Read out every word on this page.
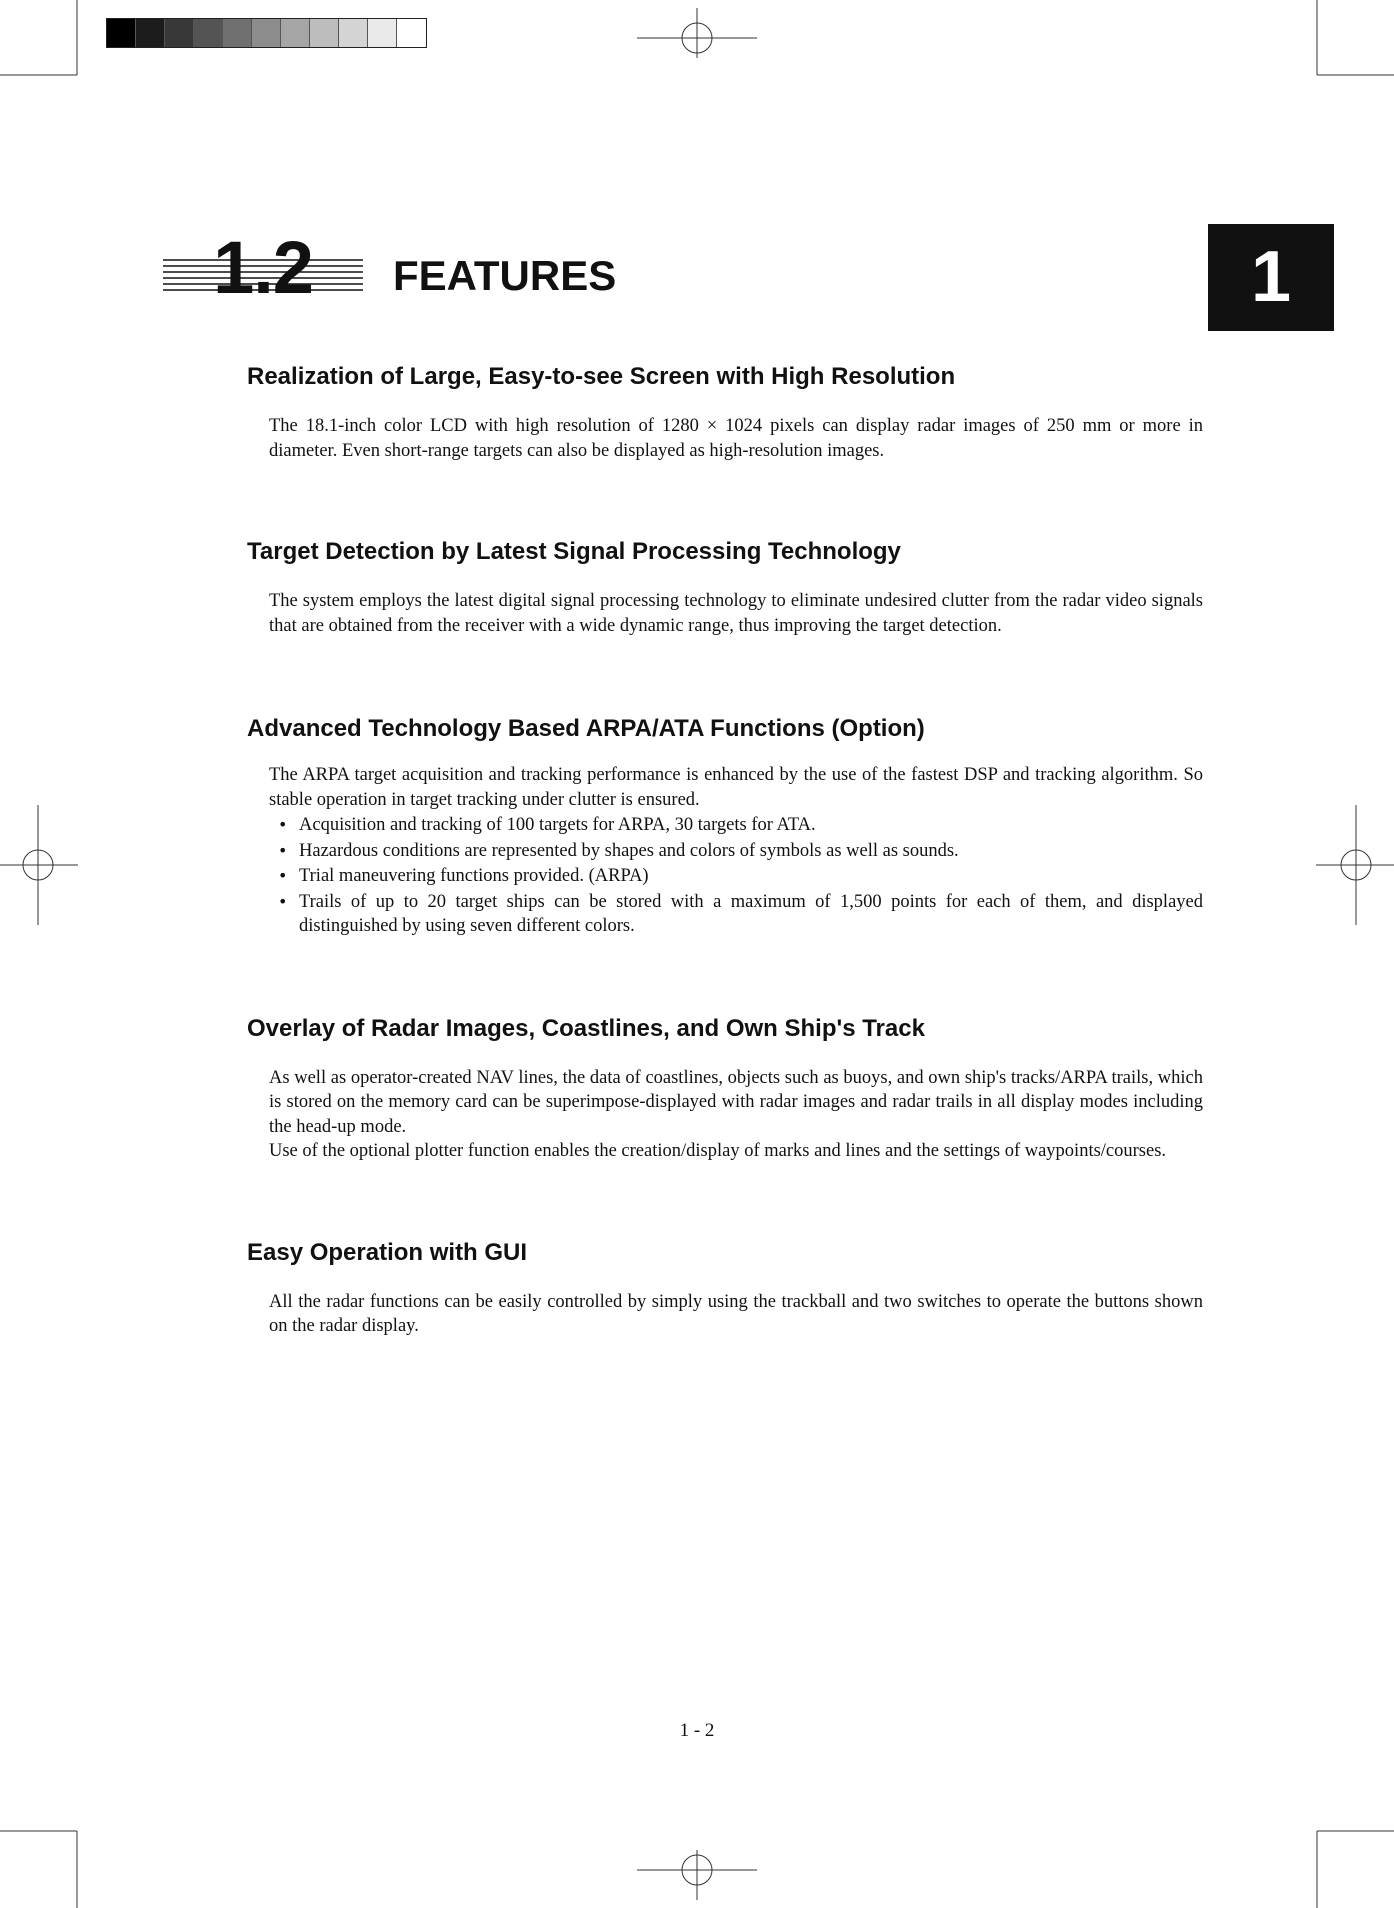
1.2	FEATURES	1
Realization of Large, Easy-to-see Screen with High Resolution

The 18.1-inch color LCD with high resolution of 1280 × 1024 pixels can display radar images of 250 mm or more in diameter. Even short-range targets can also be displayed as high-resolution images.

Target Detection by Latest Signal Processing Technology

The system employs the latest digital signal processing technology to eliminate undesired clutter from the radar video signals that are obtained from the receiver with a wide dynamic range, thus improving the target detection.

Advanced Technology Based ARPA/ATA Functions (Option)

The ARPA target acquisition and tracking performance is enhanced by the use of the fastest DSP and tracking algorithm. So stable operation in target tracking under clutter is ensured.

• Acquisition and tracking of 100 targets for ARPA, 30 targets for ATA.
• Hazardous conditions are represented by shapes and colors of symbols as well as sounds.
• Trial maneuvering functions provided. (ARPA)
• Trails of up to 20 target ships can be stored with a maximum of 1,500 points for each of them, and displayed distinguished by using seven different colors.
Overlay of Radar Images, Coastlines, and Own Ship's Track

As well as operator-created NAV lines, the data of coastlines, objects such as buoys, and own ship's tracks/ARPA trails, which is stored on the memory card can be superimpose-displayed with radar images and radar trails in all display modes including the head-up mode.

Use of the optional plotter function enables the creation/display of marks and lines and the settings of waypoints/courses.

Easy Operation with GUI

All the radar functions can be easily controlled by simply using the trackball and two switches to operate the buttons shown on the radar display.

1 - 2
